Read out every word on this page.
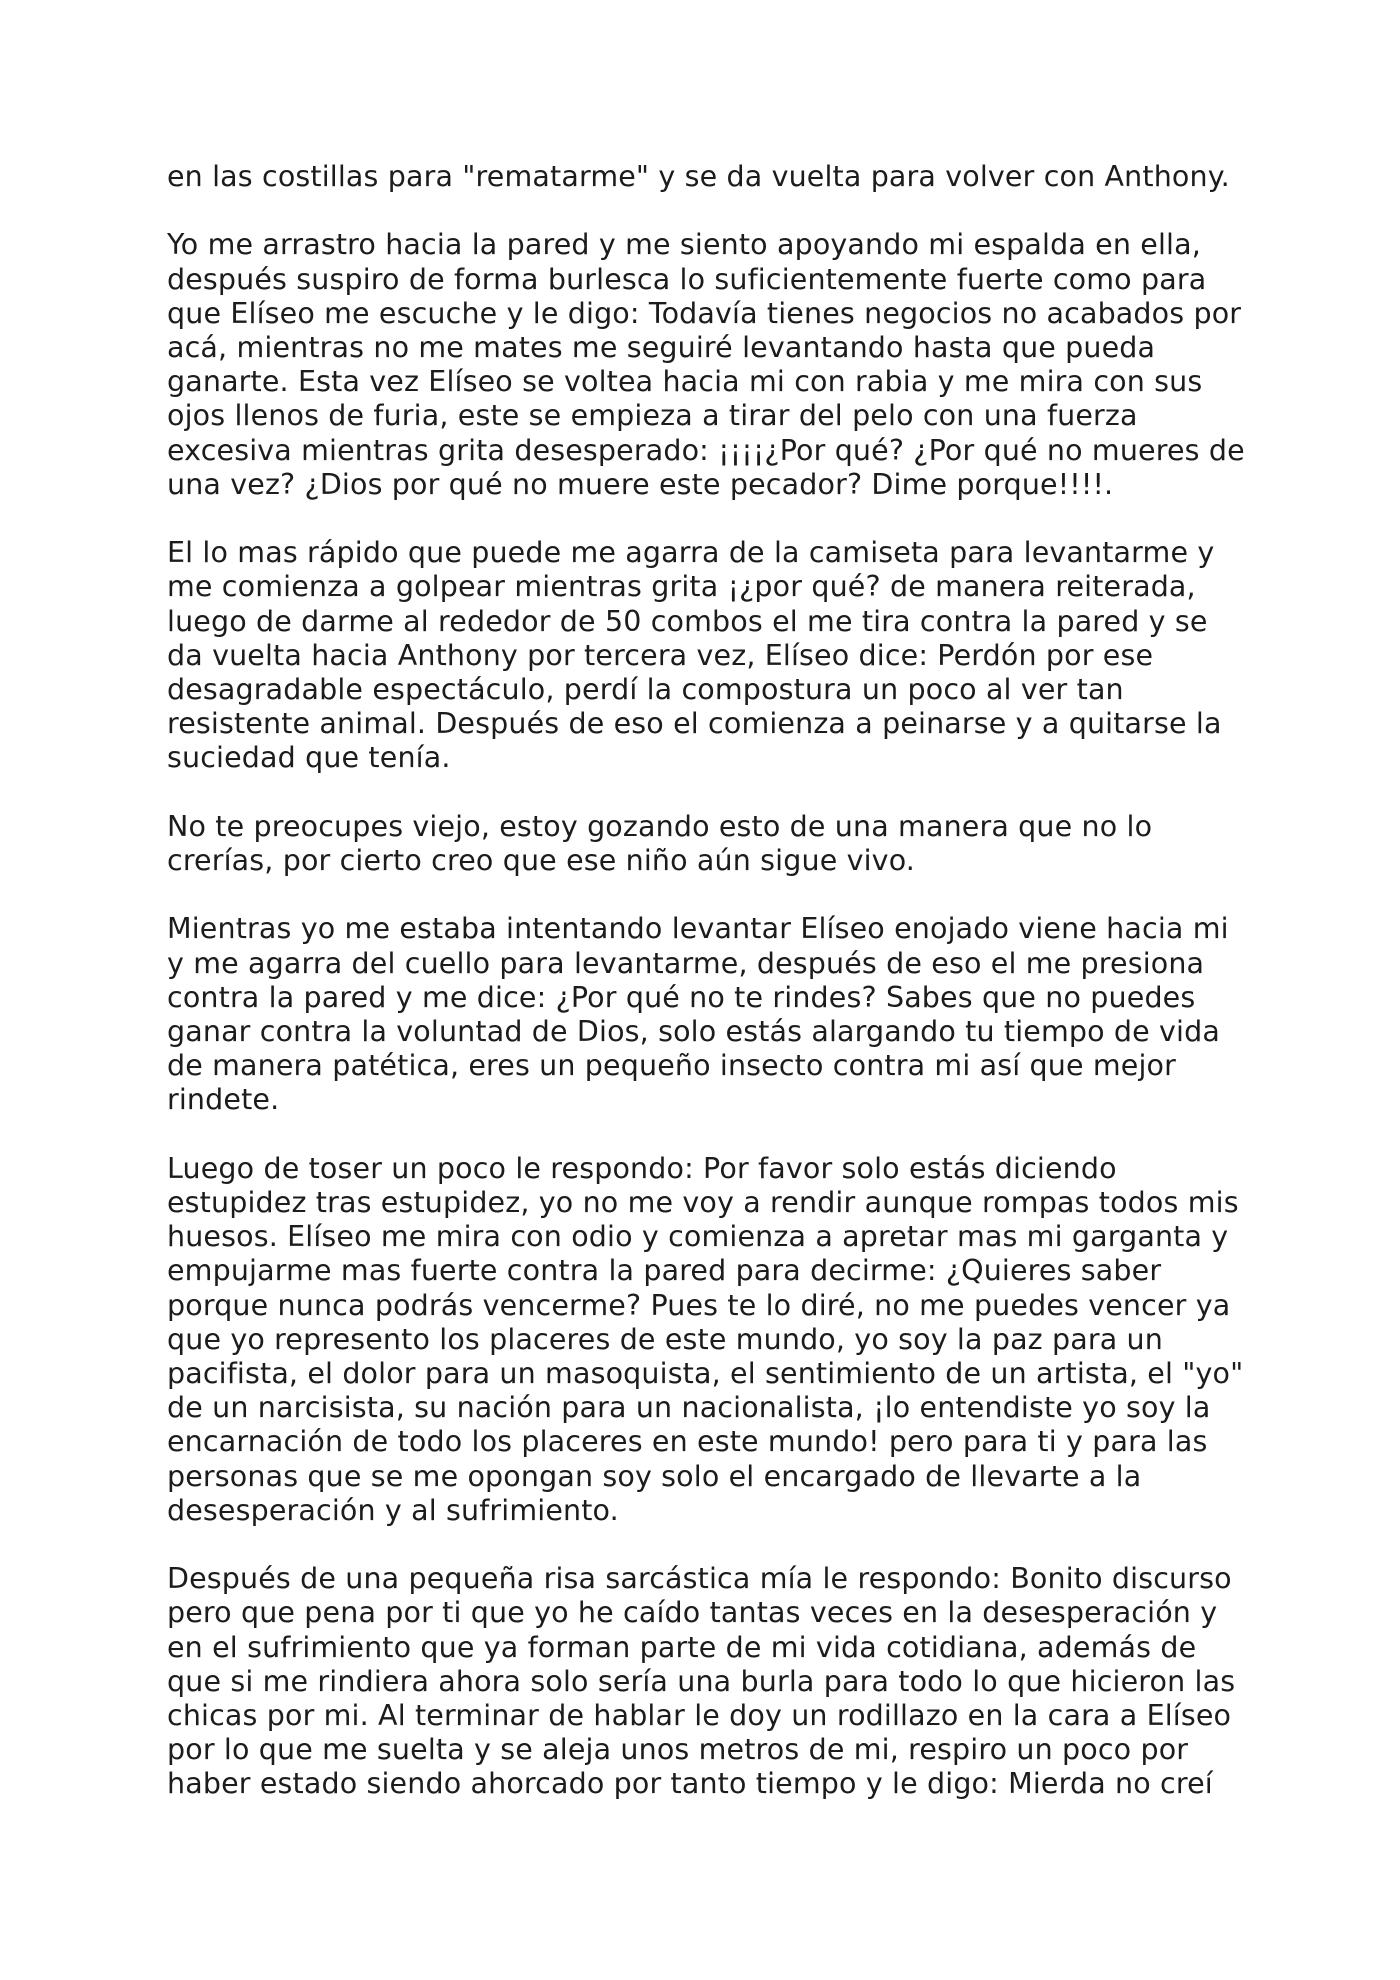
en las costillas para "rematarme" y se da vuelta para volver con Anthony.

Yo me arrastro hacia la pared y me siento apoyando mi espalda en ella,
después suspiro de forma burlesca lo suficientemente fuerte como para
que Elíseo me escuche y le digo: Todavía tienes negocios no acabados por
acá, mientras no me mates me seguiré levantando hasta que pueda
ganarte. Esta vez Elíseo se voltea hacia mi con rabia y me mira con sus
ojos llenos de furia, este se empieza a tirar del pelo con una fuerza
excesiva mientras grita desesperado: ¡¡¡¡¿Por qué? ¿Por qué no mueres de
una vez? ¿Dios por qué no muere este pecador? Dime porque!!!!.

El lo mas rápido que puede me agarra de la camiseta para levantarme y
me comienza a golpear mientras grita ¡¿por qué? de manera reiterada,
luego de darme al rededor de 50 combos el me tira contra la pared y se
da vuelta hacia Anthony por tercera vez, Elíseo dice: Perdón por ese
desagradable espectáculo, perdí la compostura un poco al ver tan
resistente animal. Después de eso el comienza a peinarse y a quitarse la
suciedad que tenía.

No te preocupes viejo, estoy gozando esto de una manera que no lo
crerías, por cierto creo que ese niño aún sigue vivo.

Mientras yo me estaba intentando levantar Elíseo enojado viene hacia mi
y me agarra del cuello para levantarme, después de eso el me presiona
contra la pared y me dice: ¿Por qué no te rindes? Sabes que no puedes
ganar contra la voluntad de Dios, solo estás alargando tu tiempo de vida
de manera patética, eres un pequeño insecto contra mi así que mejor
rindete.

Luego de toser un poco le respondo: Por favor solo estás diciendo
estupidez tras estupidez, yo no me voy a rendir aunque rompas todos mis
huesos. Elíseo me mira con odio y comienza a apretar mas mi garganta y
empujarme mas fuerte contra la pared para decirme: ¿Quieres saber
porque nunca podrás vencerme? Pues te lo diré, no me puedes vencer ya
que yo represento los placeres de este mundo, yo soy la paz para un
pacifista, el dolor para un masoquista, el sentimiento de un artista, el "yo"
de un narcisista, su nación para un nacionalista, ¡lo entendiste yo soy la
encarnación de todo los placeres en este mundo! pero para ti y para las
personas que se me opongan soy solo el encargado de llevarte a la
desesperación y al sufrimiento.

Después de una pequeña risa sarcástica mía le respondo: Bonito discurso
pero que pena por ti que yo he caído tantas veces en la desesperación y
en el sufrimiento que ya forman parte de mi vida cotidiana, además de
que si me rindiera ahora solo sería una burla para todo lo que hicieron las
chicas por mi. Al terminar de hablar le doy un rodillazo en la cara a Elíseo
por lo que me suelta y se aleja unos metros de mi, respiro un poco por
haber estado siendo ahorcado por tanto tiempo y le digo: Mierda no creí
